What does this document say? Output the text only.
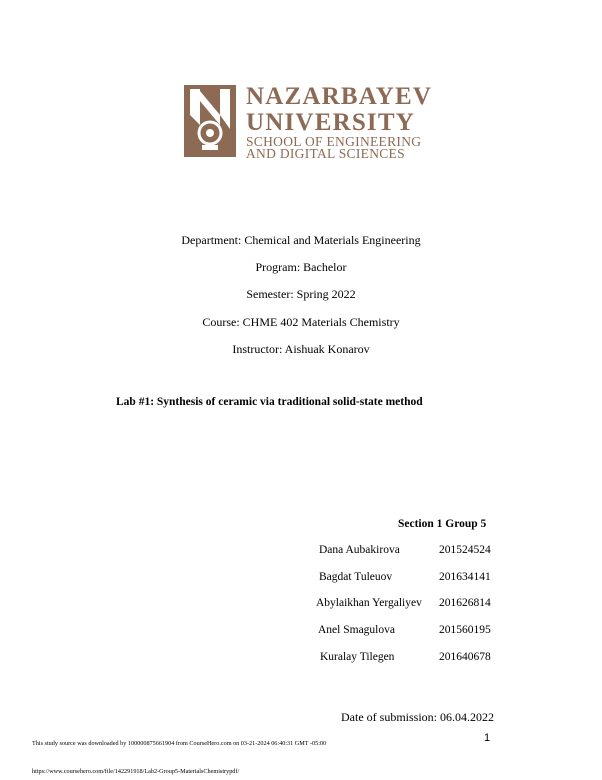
NAZARBAYEV
UNIVERSITY
SCHOOL OF ENGINEERING
AND DIGITAL SCIENCES
Department: Chemical and Materials Engineering
Program: Bachelor
Semester: Spring 2022
Course: CHME 402 Materials Chemistry
Instructor: Aishuak Konarov
Lab #1: Synthesis of ceramic via traditional solid-state method
Section 1 Group 5
Dana Aubakirova	201524524
Bagdat Tuleuov	201634141
Abylaikhan Yergaliyev 201626814
Anel Smagulova	201560195
Kuralay Tilegen	201640678
Date of submission: 06.04.2022
1
This study source was downloaded by 100000875661904 from CourseHero.com on 03-21-2024 06:40:31 GMT -05:00
https://www.coursehero.com/file/142291918/Lab2-Group5-MaterialsChemistrypdf/
